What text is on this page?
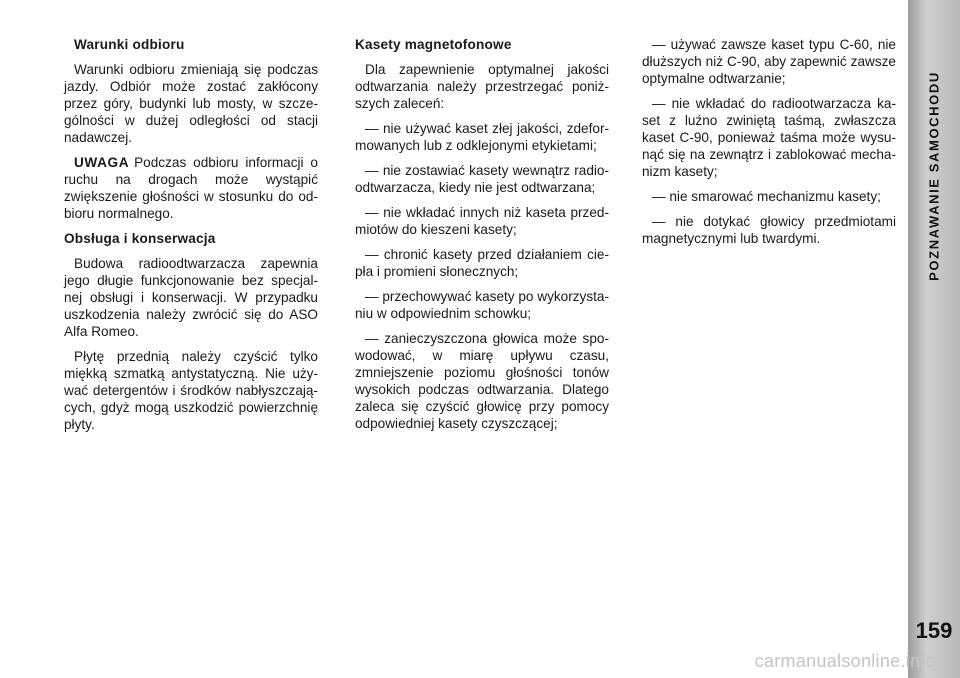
Warunki odbioru

Warunki odbioru zmieniają się podczas jazdy. Odbiór może zostać zakłócony przez góry, budynki lub mosty, w szcze-gólności w dużej odległości od stacji nadawczej.

UWAGA Podczas odbioru informacji o ruchu na drogach może wystąpić zwiększenie głośności w stosunku do od-bioru normalnego.

Obsługa i konserwacja

Budowa radioodtwarzacza zapewnia jego długie funkcjonowanie bez specjal-nej obsługi i konserwacji. W przypadku uszkodzenia należy zwrócić się do ASO Alfa Romeo.

Płytę przednią należy czyścić tylko miękką szmatką antystatyczną. Nie uży-wać detergentów i środków nabłyszczają-cych, gdyż mogą uszkodzić powierzchnię płyty.

Kasety magnetofonowe

Dla zapewnienie optymalnej jakości odtwarzania należy przestrzegać poniż-szych zaleceń:

— nie używać kaset złej jakości, zdefor-mowanych lub z odklejonymi etykietami;

— nie zostawiać kasety wewnątrz radio-odtwarzacza, kiedy nie jest odtwarzana;

— nie wkładać innych niż kaseta przed-miotów do kieszeni kasety;

— chronić kasety przed działaniem cie-pła i promieni słonecznych;

— przechowywać kasety po wykorzysta-niu w odpowiednim schowku;

— zanieczyszczona głowica może spo-wodować, w miarę upływu czasu, zmniejszenie poziomu głośności tonów wysokich podczas odtwarzania. Dlatego zaleca się czyścić głowicę przy pomocy odpowiedniej kasety czyszczącej;

— używać zawsze kaset typu C-60, nie dłuższych niż C-90, aby zapewnić zawsze optymalne odtwarzanie;

— nie wkładać do radiootwarzacza ka-set z luźno zwiniętą taśmą, zwłaszcza kaset C-90, ponieważ taśma może wysu-nąć się na zewnątrz i zablokować mecha-nizm kasety;

— nie smarować mechanizmu kasety;

— nie dotykać głowicy przedmiotami magnetycznymi lub twardymi.	POZNAWANIE SAMOCHODU
159
carmanualsonline.info
